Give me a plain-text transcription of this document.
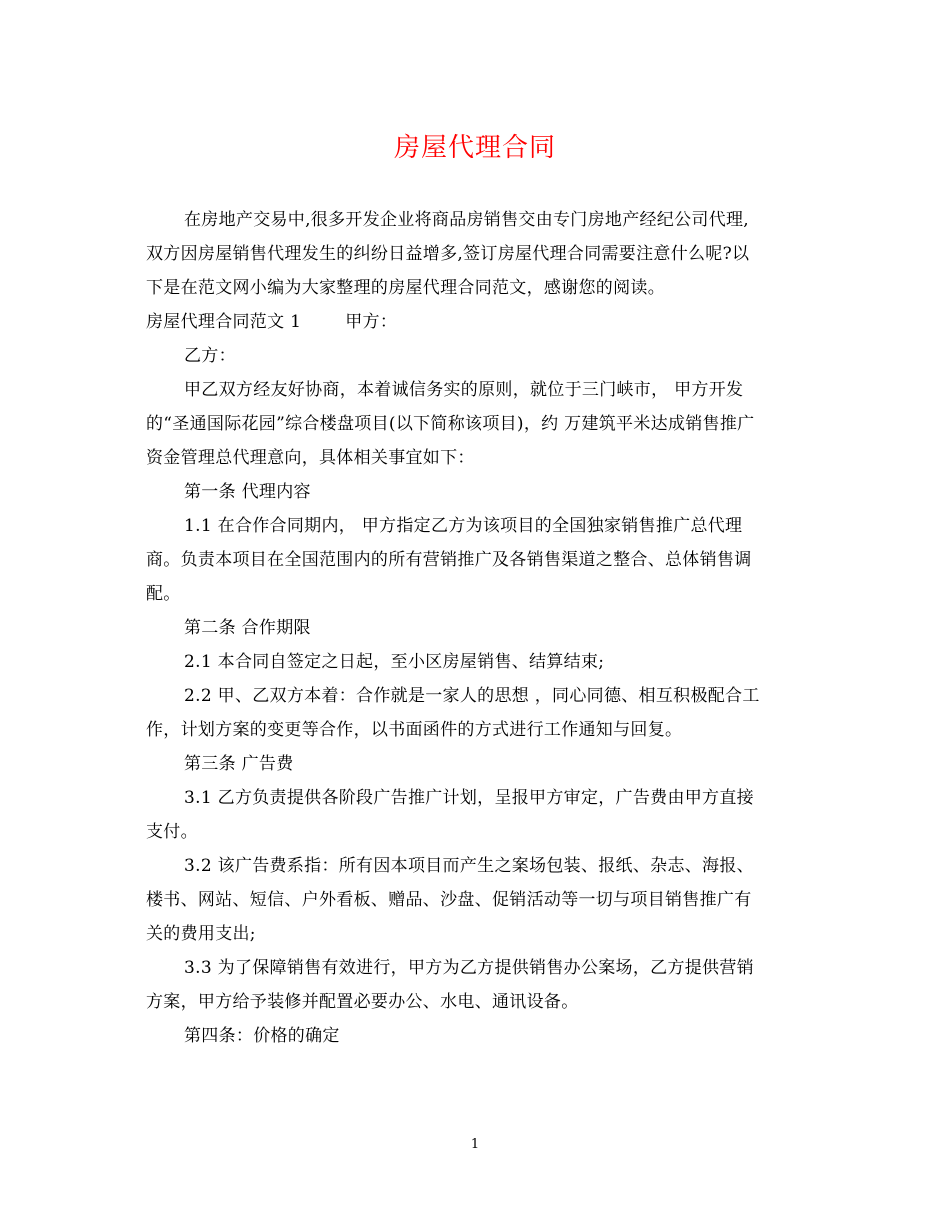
房屋代理合同

在房地产交易中,很多开发企业将商品房销售交由专门房地产经纪公司代理,

双方因房屋销售代理发生的纠纷日益增多,签订房屋代理合同需要注意什么呢?以

下是在范文网小编为大家整理的房屋代理合同范文，感谢您的阅读。

房屋代理合同范文 1	甲方：

乙方：

甲乙双方经友好协商，本着诚信务实的原则，就位于三门峡市， 甲方开发

的“圣通国际花园”综合楼盘项目(以下简称该项目)，约 万建筑平米达成销售推广

资金管理总代理意向，具体相关事宜如下：

第一条 代理内容

1.1 在合作合同期内， 甲方指定乙方为该项目的全国独家销售推广总代理

商。负责本项目在全国范围内的所有营销推广及各销售渠道之整合、总体销售调

配。

第二条 合作期限

2.1 本合同自签定之日起，至小区房屋销售、结算结束;

2.2 甲、乙双方本着：合作就是一家人的思想 ，同心同德、相互积极配合工

作，计划方案的变更等合作，以书面函件的方式进行工作通知与回复。

第三条 广告费

3.1 乙方负责提供各阶段广告推广计划，呈报甲方审定，广告费由甲方直接

支付。

3.2 该广告费系指：所有因本项目而产生之案场包装、报纸、杂志、海报、

楼书、网站、短信、户外看板、赠品、沙盘、促销活动等一切与项目销售推广有

关的费用支出;

3.3 为了保障销售有效进行，甲方为乙方提供销售办公案场，乙方提供营销

方案，甲方给予装修并配置必要办公、水电、通讯设备。

第四条：价格的确定

1
